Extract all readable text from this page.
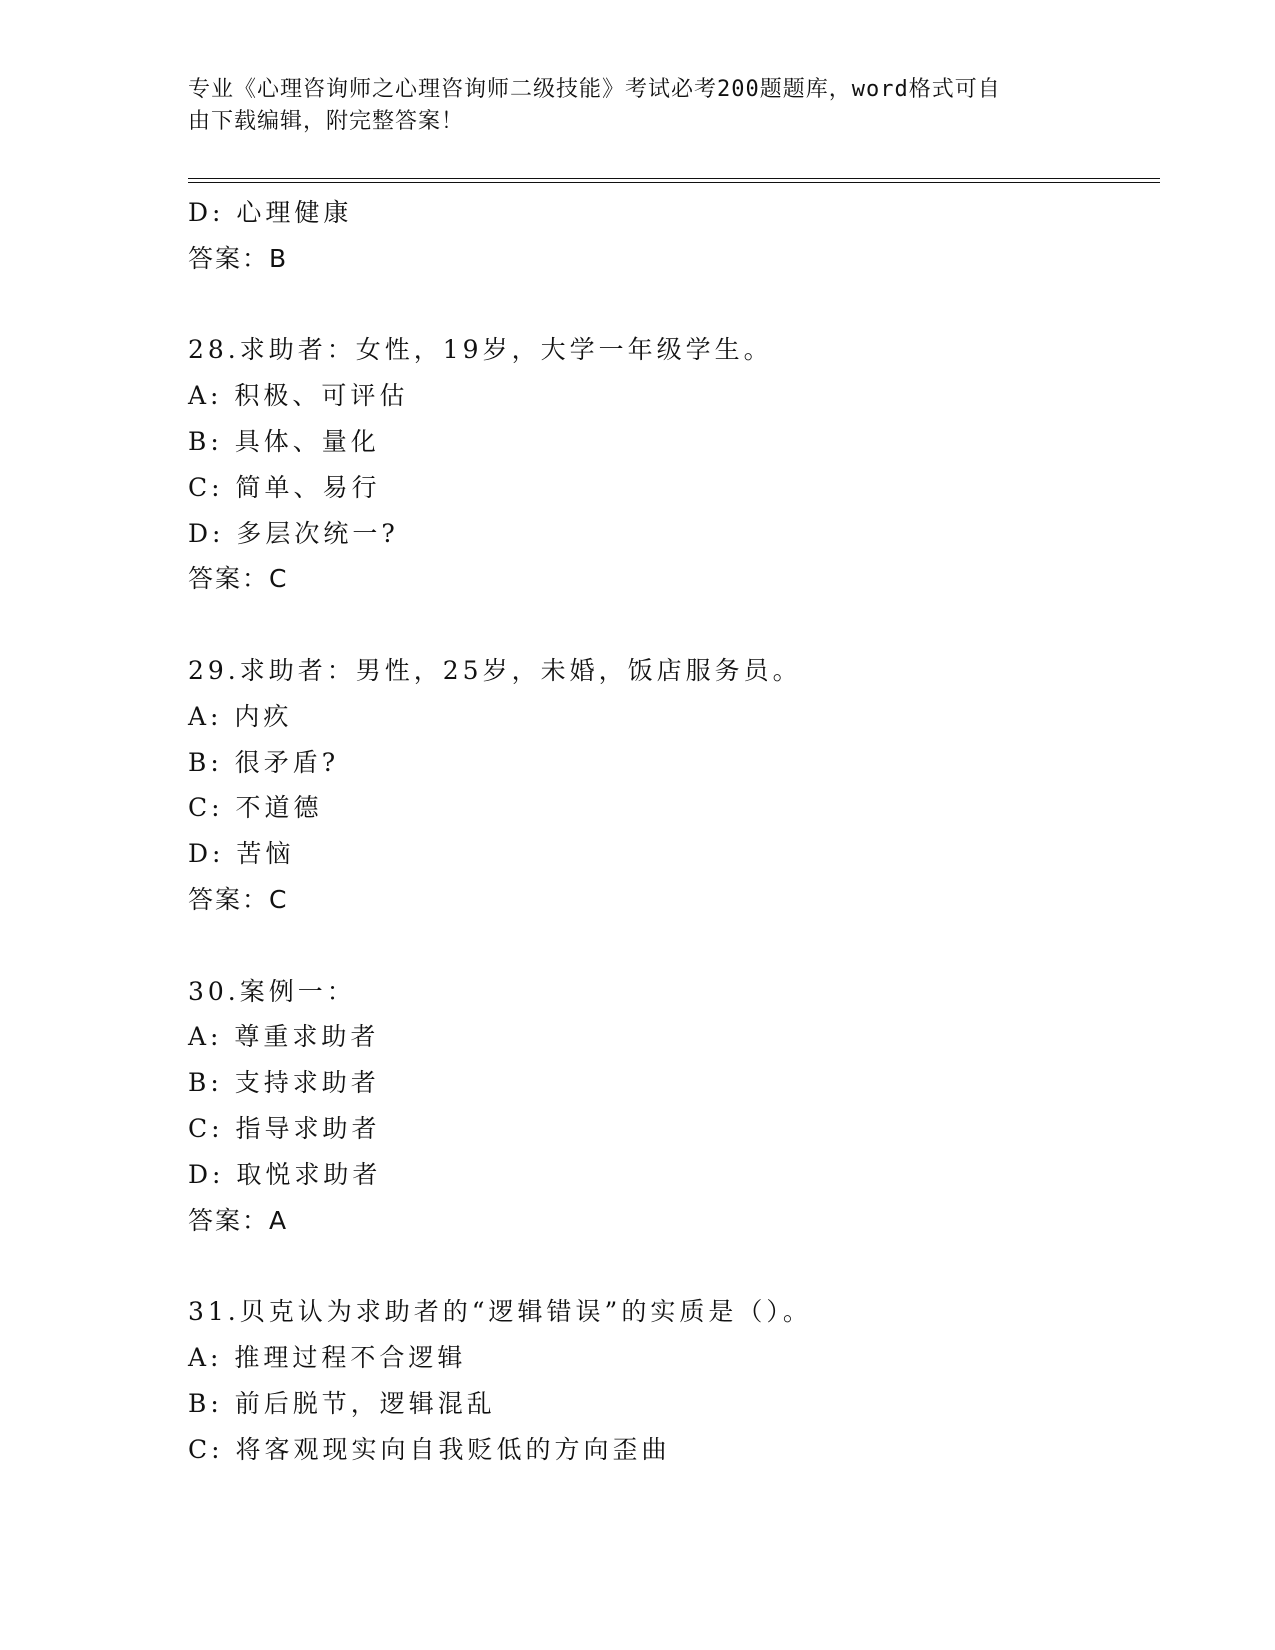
专业《心理咨询师之心理咨询师二级技能》考试必考200题题库，word格式可自
由下载编辑，附完整答案！
D: 心理健康
答案：B
28.求助者：女性，19岁，大学一年级学生。
A: 积极、可评估
B: 具体、量化
C: 简单、易行
D: 多层次统一?
答案：C
29.求助者：男性，25岁，未婚，饭店服务员。
A: 内疚
B: 很矛盾?
C: 不道德
D: 苦恼
答案：C
30.案例一：
A: 尊重求助者
B: 支持求助者
C: 指导求助者
D: 取悦求助者
答案：A
31.贝克认为求助者的“逻辑错误”的实质是（）。
A: 推理过程不合逻辑
B: 前后脱节，逻辑混乱
C: 将客观现实向自我贬低的方向歪曲
